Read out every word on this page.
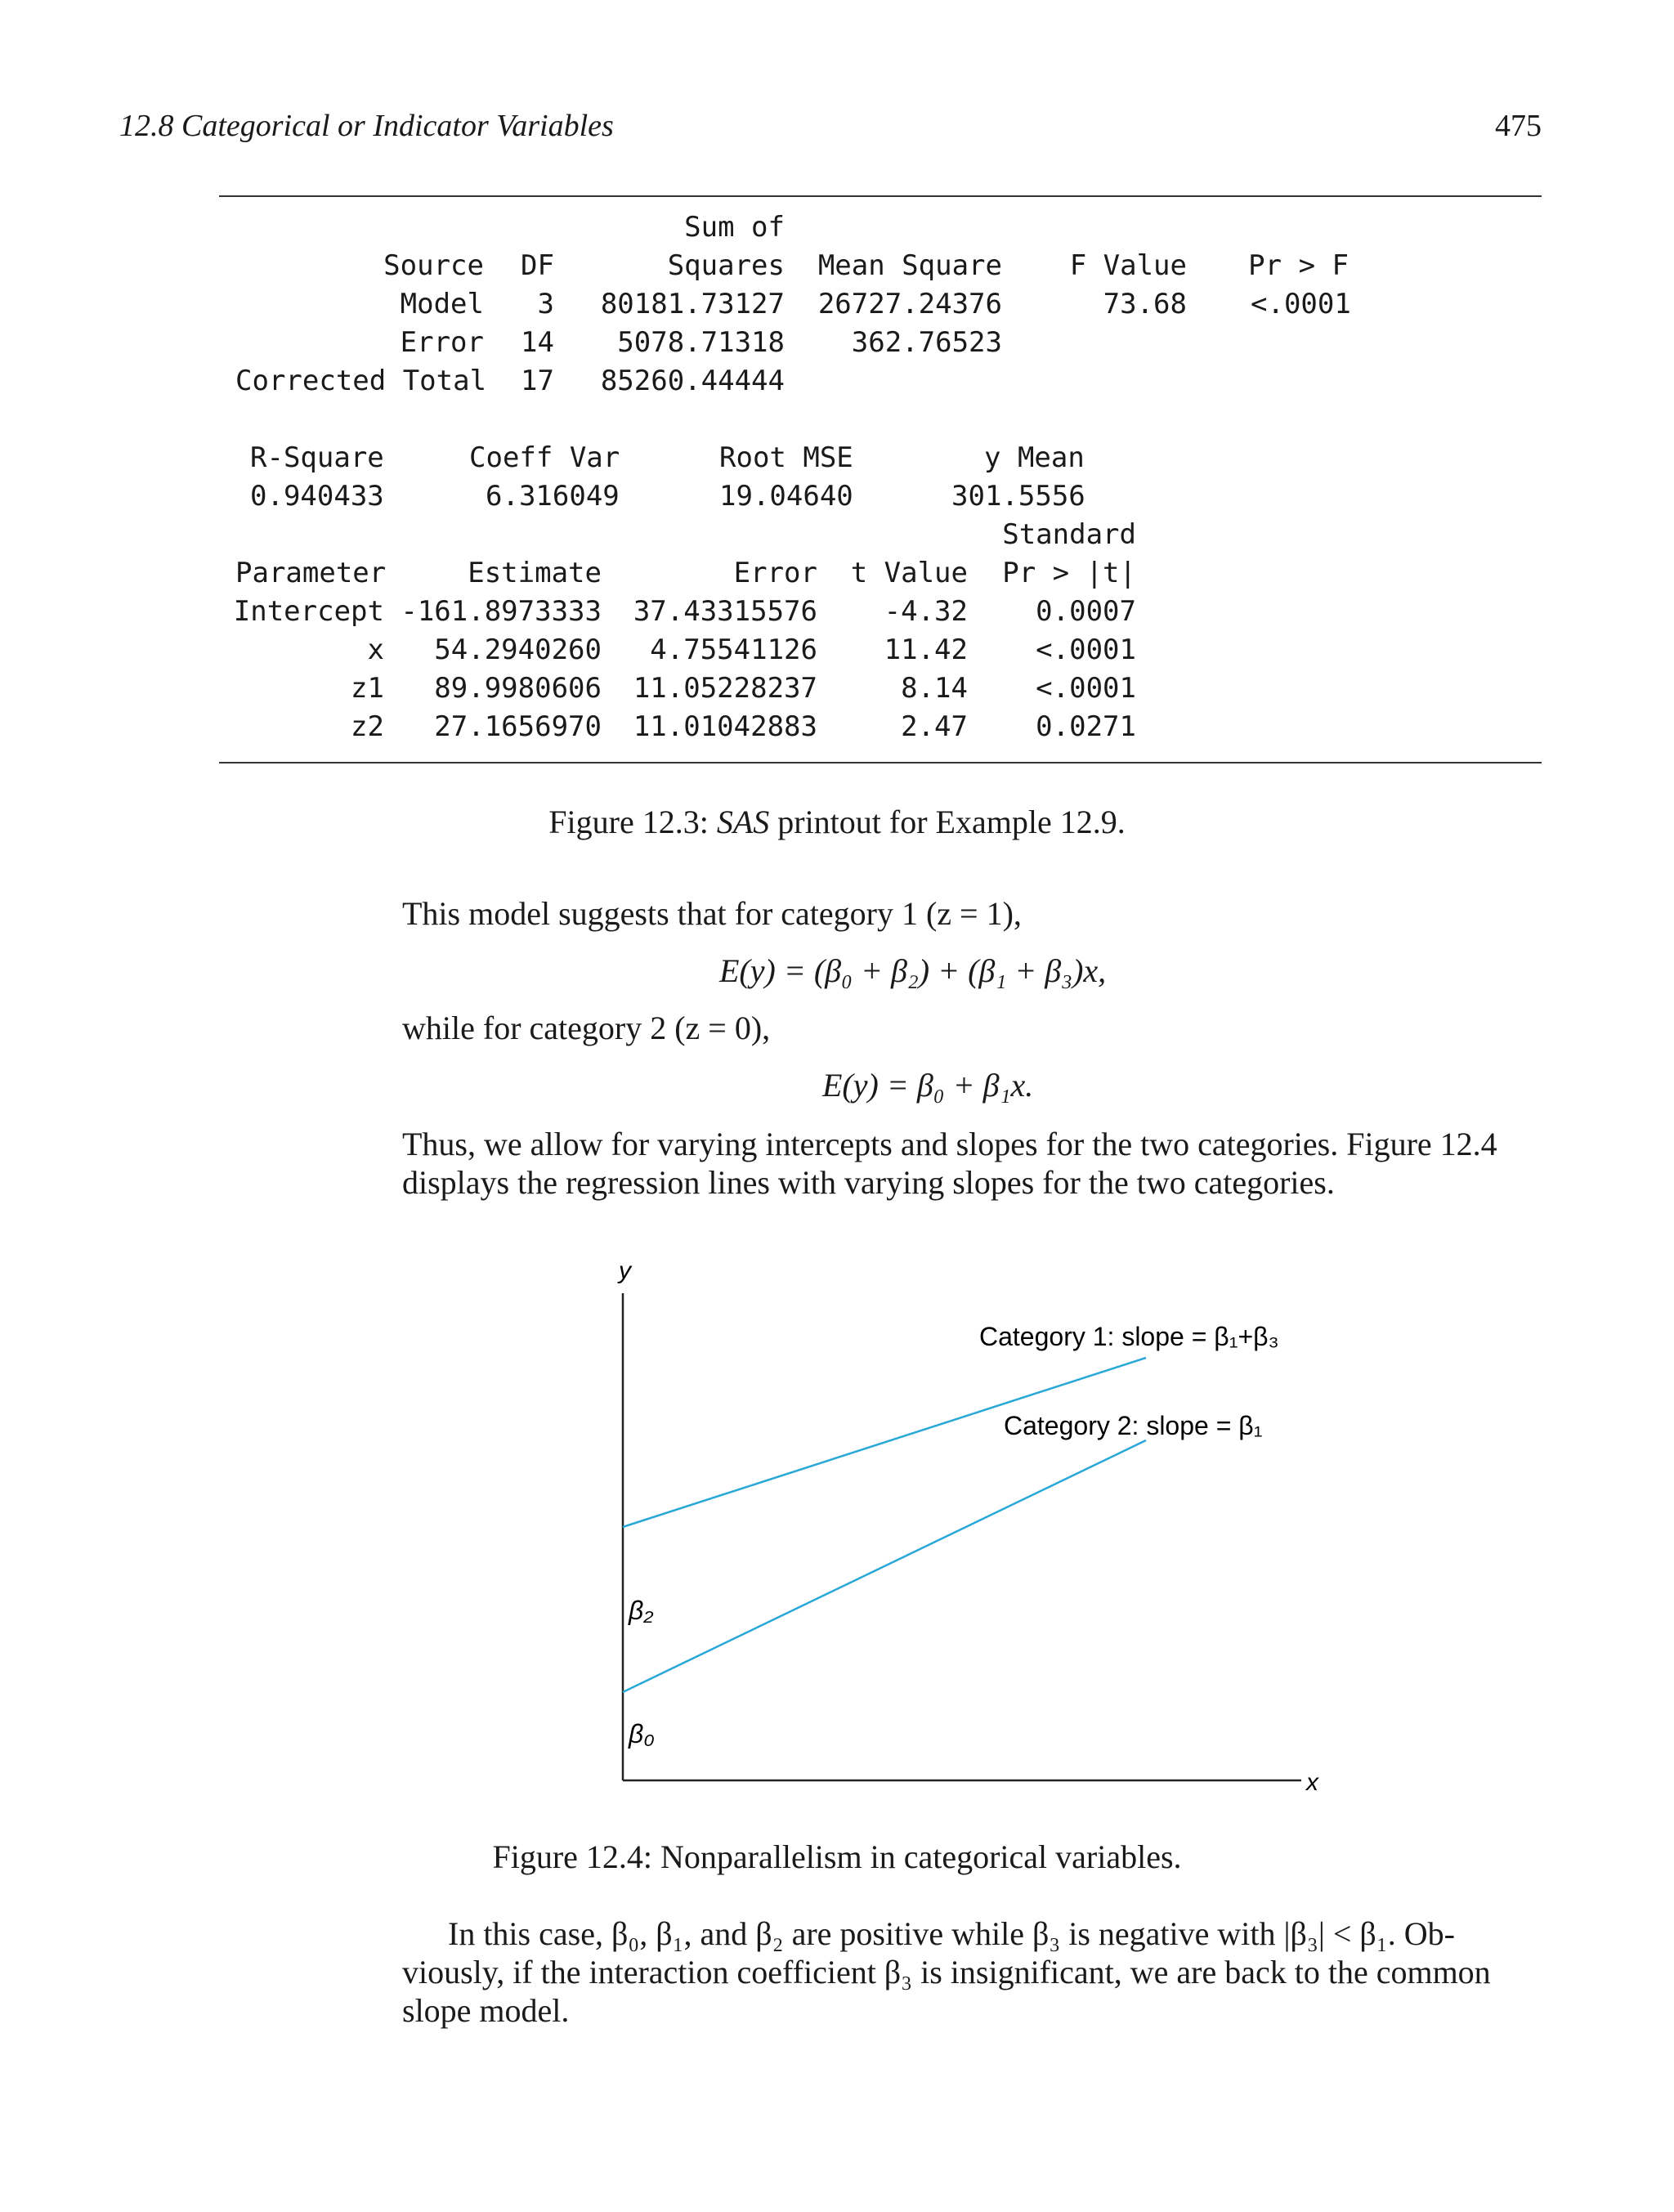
12.8 Categorical or Indicator Variables	475
Sum of
Source	DF	Squares Mean Square	F Value	Pr > F
Model	3	80181.73127 26727.24376	73.68 <.0001
Error	14	5078.71318	362.76523
Corrected Total	17	85260.44444
R-Square	Coeff Var	Root MSE	y Mean
0.940433	6.316049	19.04640	301.5556
Standard
Parameter	Estimate	Error	t Value	Pr > |t|
Intercept -161.8973333	37.43315576	-4.32	0.0007
x	54.2940260	4.75541126	11.42	<.0001
z1	89.9980606	11.05228237	8.14	<.0001
z2	27.1656970	11.01042883	2.47	0.0271
Figure 12.3: SAS printout for Example 12.9.
This model suggests that for category 1 (z = 1),
E(y) = (β₀ + β₂) + (β₁ + β₃)x,
while for category 2 (z = 0),
E(y) = β₀ + β₁x.
Thus, we allow for varying intercepts and slopes for the two categories. Figure 12.4
displays the regression lines with varying slopes for the two categories.
y
x
β₂
β₀
Category 1: slope = β₁+β₃
Category 2: slope = β₁
Figure 12.4: Nonparallelism in categorical variables.
In this case, β₀, β₁, and β₂ are positive while β₃ is negative with |β₃| < β₁. Ob-
viously, if the interaction coefficient β₃ is insignificant, we are back to the common
slope model.
